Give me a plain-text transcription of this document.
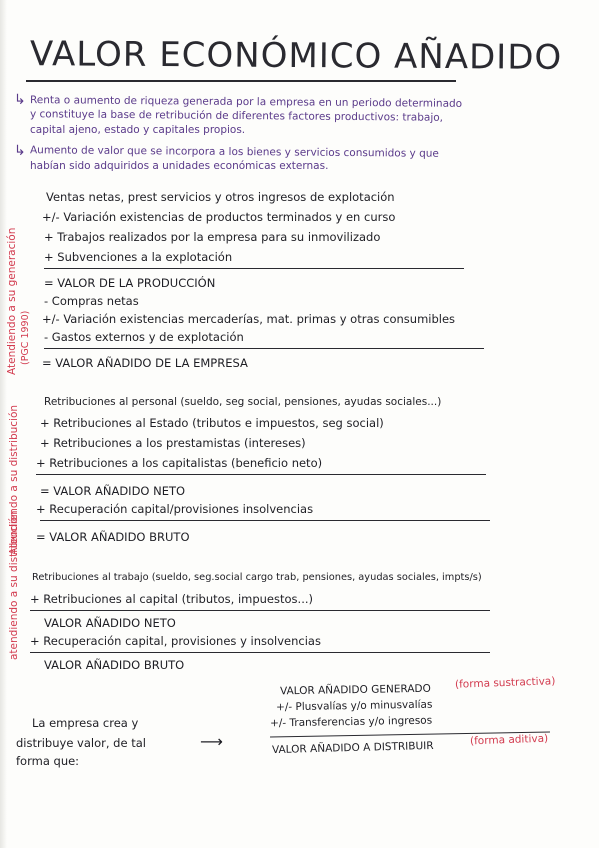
VALOR ECONÓMICO AÑADIDO
↳ Renta o aumento de riqueza generada por la empresa en un periodo determinado
y constituye la base de retribución de diferentes factores productivos: trabajo,
capital ajeno, estado y capitales propios.
↳ Aumento de valor que se incorpora a los bienes y servicios consumidos y que
habían sido adquiridos a unidades económicas externas.
Atendiendo a su generación (PGC 1990)
Atendiendo a su distribución
atendiendo a su distribución
Ventas netas, prest servicios y otros ingresos de explotación
+/- Variación existencias de productos terminados y en curso
+ Trabajos realizados por la empresa para su inmovilizado
+ Subvenciones a la explotación
= VALOR DE LA PRODUCCIÓN
- Compras netas
+/- Variación existencias mercaderías, mat. primas y otras consumibles
- Gastos externos y de explotación
= VALOR AÑADIDO DE LA EMPRESA
Retribuciones al personal (sueldo, seg social, pensiones, ayudas sociales...)
+ Retribuciones al Estado (tributos e impuestos, seg social)
+ Retribuciones a los prestamistas (intereses)
+ Retribuciones a los capitalistas (beneficio neto)
= VALOR AÑADIDO NETO
+ Recuperación capital/provisiones insolvencias
= VALOR AÑADIDO BRUTO
Retribuciones al trabajo (sueldo, seg.social cargo trab, pensiones, ayudas sociales, impts/s)
+ Retribuciones al capital (tributos, impuestos...)
VALOR AÑADIDO NETO
+ Recuperación capital, provisiones y insolvencias
VALOR AÑADIDO BRUTO
La empresa crea y
distribuye valor, de tal
forma que:
⟶
VALOR AÑADIDO GENERADO (forma sustractiva)
+/- Plusvalías y/o minusvalías
+/- Transferencias y/o ingresos
VALOR AÑADIDO A DISTRIBUIR	(forma aditiva)
